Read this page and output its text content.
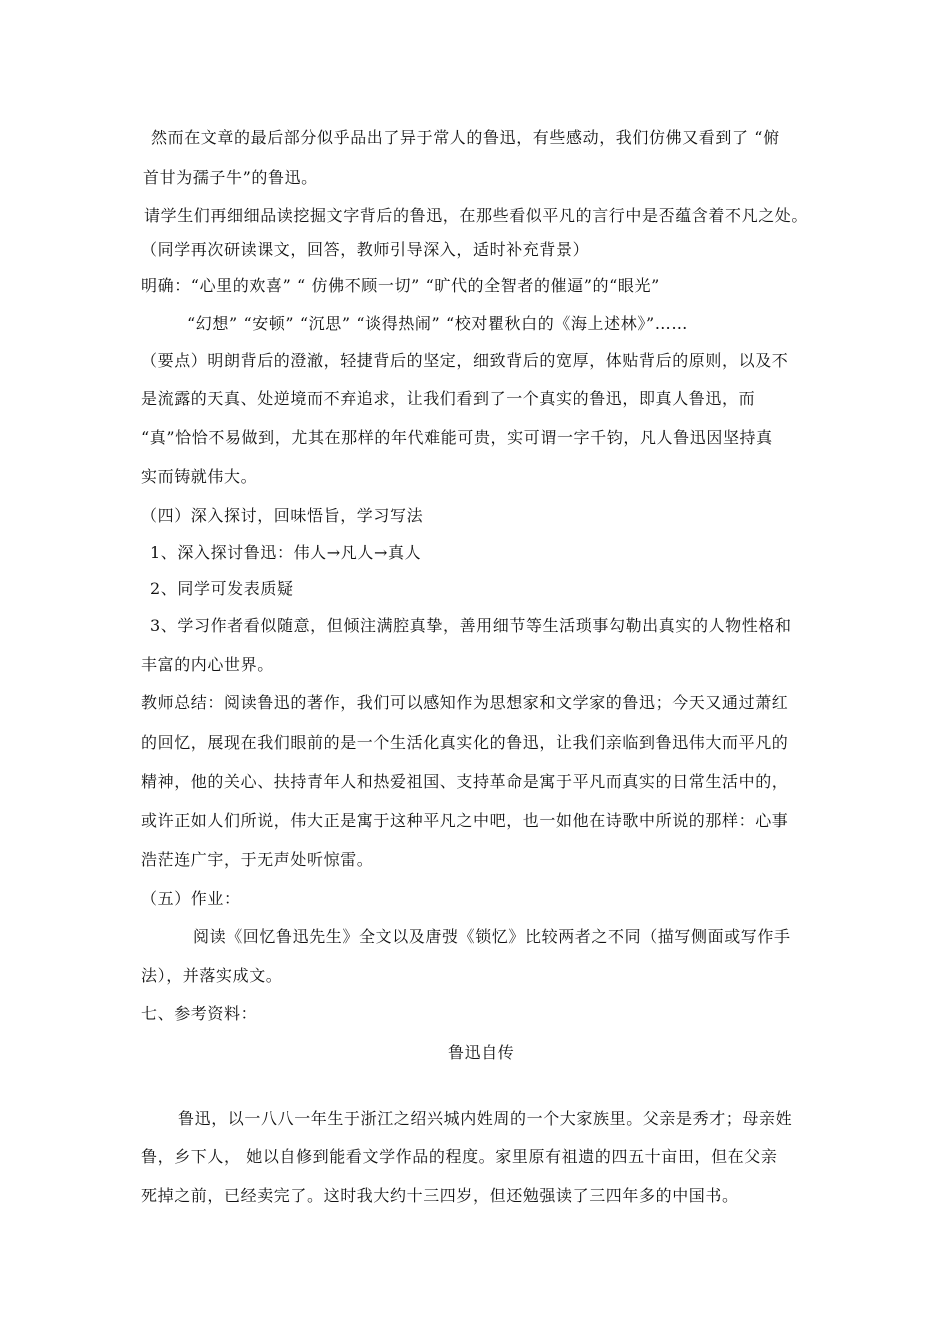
然而在文章的最后部分似乎品出了异于常人的鲁迅，有些感动，我们仿佛又看到了 “俯
首甘为孺子牛”的鲁迅。
请学生们再细细品读挖掘文字背后的鲁迅，在那些看似平凡的言行中是否蕴含着不凡之处。
（同学再次研读课文，回答，教师引导深入，适时补充背景）
明确：“心里的欢喜” “ 仿佛不顾一切” “旷代的全智者的催逼”的“眼光”
“幻想” “安顿” “沉思” “谈得热闹” “校对瞿秋白的《海上述林》”……
（要点）明朗背后的澄澈，轻捷背后的坚定，细致背后的宽厚，体贴背后的原则，以及不
是流露的天真、处逆境而不弃追求，让我们看到了一个真实的鲁迅，即真人鲁迅，而
“真”恰恰不易做到，尤其在那样的年代难能可贵，实可谓一字千钧，凡人鲁迅因坚持真
实而铸就伟大。
（四）深入探讨，回味悟旨，学习写法
1、深入探讨鲁迅：伟人→凡人→真人
2、同学可发表质疑
3、学习作者看似随意，但倾注满腔真挚，善用细节等生活琐事勾勒出真实的人物性格和
丰富的内心世界。
教师总结：阅读鲁迅的著作，我们可以感知作为思想家和文学家的鲁迅；今天又通过萧红
的回忆，展现在我们眼前的是一个生活化真实化的鲁迅，让我们亲临到鲁迅伟大而平凡的
精神，他的关心、扶持青年人和热爱祖国、支持革命是寓于平凡而真实的日常生活中的，
或许正如人们所说，伟大正是寓于这种平凡之中吧，也一如他在诗歌中所说的那样：心事
浩茫连广宇，于无声处听惊雷。
（五）作业：
阅读《回忆鲁迅先生》全文以及唐弢《锁忆》比较两者之不同（描写侧面或写作手
法），并落实成文。
七、参考资料：
鲁迅自传
鲁迅，以一八八一年生于浙江之绍兴城内姓周的一个大家族里。父亲是秀才；母亲姓
鲁，乡下人， 她以自修到能看文学作品的程度。家里原有祖遗的四五十亩田，但在父亲
死掉之前，已经卖完了。这时我大约十三四岁，但还勉强读了三四年多的中国书。
